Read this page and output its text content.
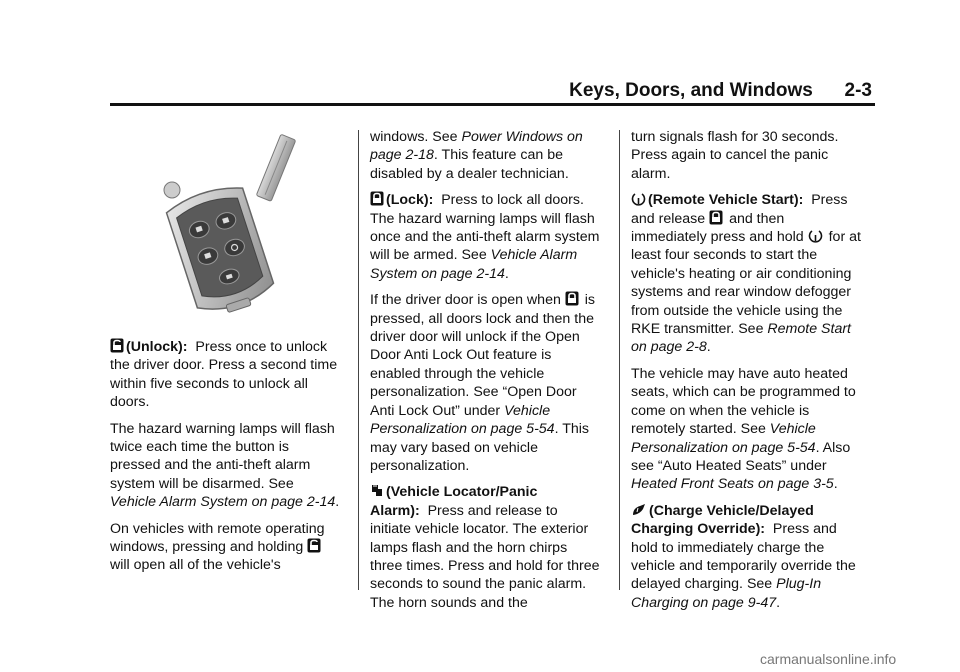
Keys, Doors, and Windows 2-3

(Unlock): Press once to unlock the driver door. Press a second time within five seconds to unlock all doors.

The hazard warning lamps will flash twice each time the button is pressed and the anti-theft alarm system will be disarmed. See Vehicle Alarm System on page 2-14.

On vehicles with remote operating windows, pressing and holding  will open all of the vehicle's

windows. See Power Windows on page 2-18. This feature can be disabled by a dealer technician.

(Lock): Press to lock all doors. The hazard warning lamps will flash once and the anti-theft alarm system will be armed. See Vehicle Alarm System on page 2-14.

If the driver door is open when is pressed, all doors lock and then the driver door will unlock if the Open Door Anti Lock Out feature is enabled through the vehicle personalization. See “Open Door Anti Lock Out” under Vehicle Personalization on page 5-54. This may vary based on vehicle personalization.

(Vehicle Locator/Panic Alarm): Press and release to initiate vehicle locator. The exterior lamps flash and the horn chirps three times. Press and hold for three seconds to sound the panic alarm. The horn sounds and the

turn signals flash for 30 seconds. Press again to cancel the panic alarm.

(Remote Vehicle Start): Press and release and then immediately press and hold for at least four seconds to start the vehicle's heating or air conditioning systems and rear window defogger from outside the vehicle using the RKE transmitter. See Remote Start on page 2-8.

The vehicle may have auto heated seats, which can be programmed to come on when the vehicle is remotely started. See Vehicle Personalization on page 5-54. Also see “Auto Heated Seats” under Heated Front Seats on page 3-5.

(Charge Vehicle/Delayed Charging Override): Press and hold to immediately charge the vehicle and temporarily override the delayed charging. See Plug-In Charging on page 9-47.

carmanualsonline.info
